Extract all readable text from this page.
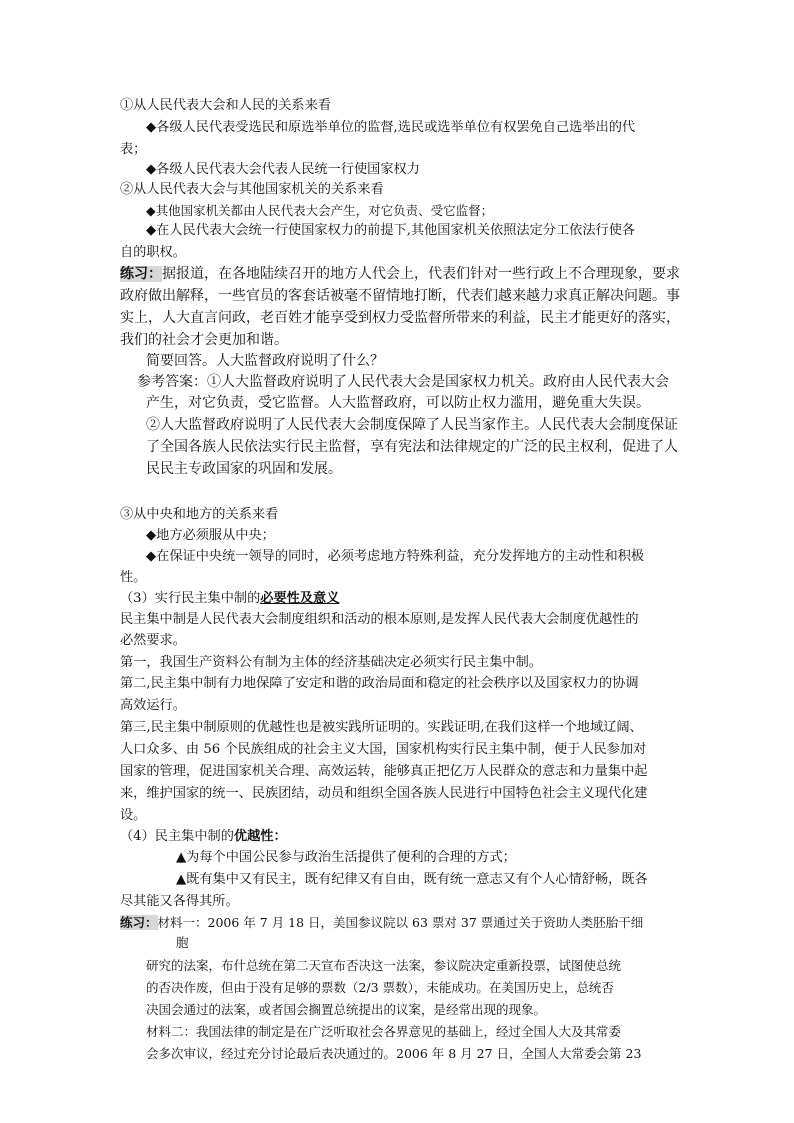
①从人民代表大会和人民的关系来看
◆各级人民代表受选民和原选举单位的监督,选民或选举单位有权罢免自己选举出的代
表；
◆各级人民代表大会代表人民统一行使国家权力
②从人民代表大会与其他国家机关的关系来看
◆其他国家机关都由人民代表大会产生，对它负责、受它监督；
◆在人民代表大会统一行使国家权力的前提下,其他国家机关依照法定分工依法行使各
自的职权。
练习：据报道，在各地陆续召开的地方人代会上，代表们针对一些行政上不合理现象，要求
政府做出解释，一些官员的客套话被毫不留情地打断，代表们越来越力求真正解决问题。事
实上，人大直言问政，老百姓才能享受到权力受监督所带来的利益，民主才能更好的落实，
我们的社会才会更加和谐。
简要回答。人大监督政府说明了什么？
参考答案：①人大监督政府说明了人民代表大会是国家权力机关。政府由人民代表大会
产生，对它负责，受它监督。人大监督政府，可以防止权力滥用，避免重大失误。
②人大监督政府说明了人民代表大会制度保障了人民当家作主。人民代表大会制度保证
了全国各族人民依法实行民主监督，享有宪法和法律规定的广泛的民主权利，促进了人
民民主专政国家的巩固和发展。
③从中央和地方的关系来看
◆地方必须服从中央；
◆在保证中央统一领导的同时，必须考虑地方特殊利益，充分发挥地方的主动性和积极
性。
（3）实行民主集中制的必要性及意义
民主集中制是人民代表大会制度组织和活动的根本原则,是发挥人民代表大会制度优越性的
必然要求。
第一，我国生产资料公有制为主体的经济基础决定必须实行民主集中制。
第二,民主集中制有力地保障了安定和谐的政治局面和稳定的社会秩序以及国家权力的协调
高效运行。
第三,民主集中制原则的优越性也是被实践所证明的。实践证明,在我们这样一个地域辽阔、
人口众多、由 56 个民族组成的社会主义大国，国家机构实行民主集中制，便于人民参加对
国家的管理，促进国家机关合理、高效运转，能够真正把亿万人民群众的意志和力量集中起
来，维护国家的统一、民族团结，动员和组织全国各族人民进行中国特色社会主义现代化建
设。
（4）民主集中制的优越性：
▲为每个中国公民参与政治生活提供了便利的合理的方式；
▲既有集中又有民主，既有纪律又有自由，既有统一意志又有个人心情舒畅，既各
尽其能又各得其所。
练习：材料一：2006 年 7 月 18 日，美国参议院以 63 票对 37 票通过关于资助人类胚胎干细
胞
研究的法案，布什总统在第二天宣布否决这一法案，参议院决定重新投票，试图使总统
的否决作废，但由于没有足够的票数（2/3 票数），未能成功。在美国历史上，总统否
决国会通过的法案，或者国会搁置总统提出的议案，是经常出现的现象。
材料二：我国法律的制定是在广泛听取社会各界意见的基础上，经过全国人大及其常委
会多次审议，经过充分讨论最后表决通过的。2006 年 8 月 27 日，全国人大常委会第 23
